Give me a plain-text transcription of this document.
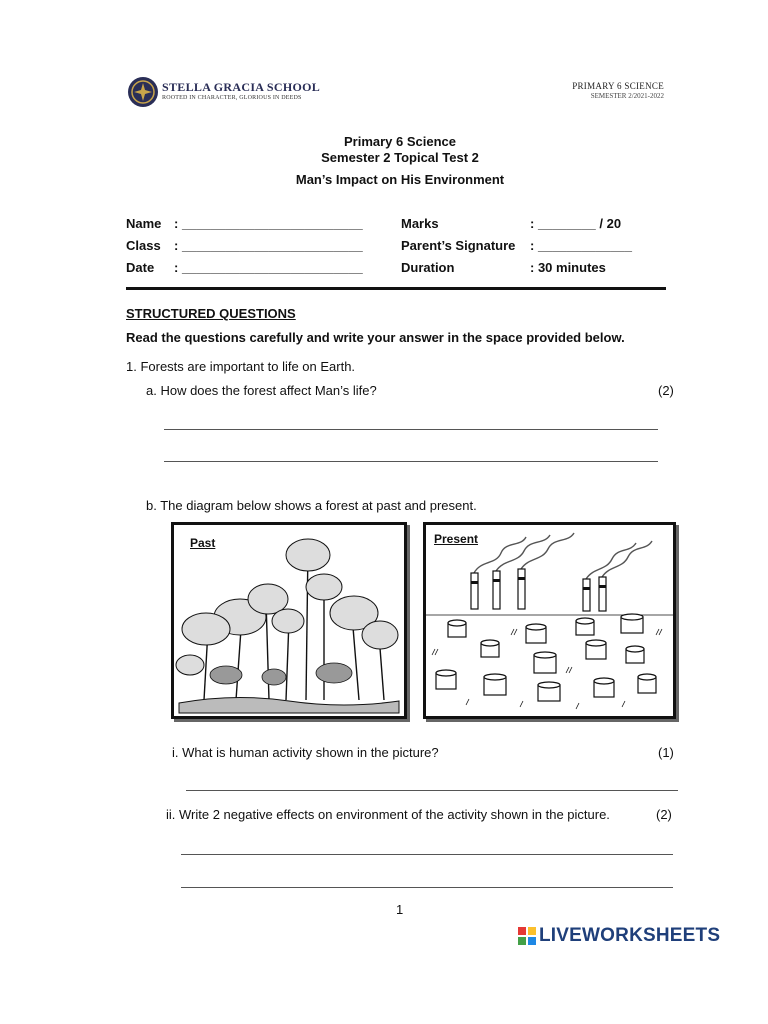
STELLA GRACIA SCHOOL
ROOTED IN CHARACTER, GLORIOUS IN DEEDS
PRIMARY 6 SCIENCE
SEMESTER 2/2021-2022
Primary 6 Science
Semester 2 Topical Test 2
Man’s Impact on His Environment
Name : _________________________
Class : _________________________
Date : _________________________
Marks	: ________ / 20
Parent’s Signature : _____________
Duration	: 30 minutes
STRUCTURED QUESTIONS
Read the questions carefully and write your answer in the space provided below.
1. Forests are important to life on Earth.
a. How does the forest affect Man’s life?	(2)
b. The diagram below shows a forest at past and present.
Past	Present
i. What is human activity shown in the picture?	(1)
ii. Write 2 negative effects on environment of the activity shown in the picture.	(2)
1
LIVEWORKSHEETS
